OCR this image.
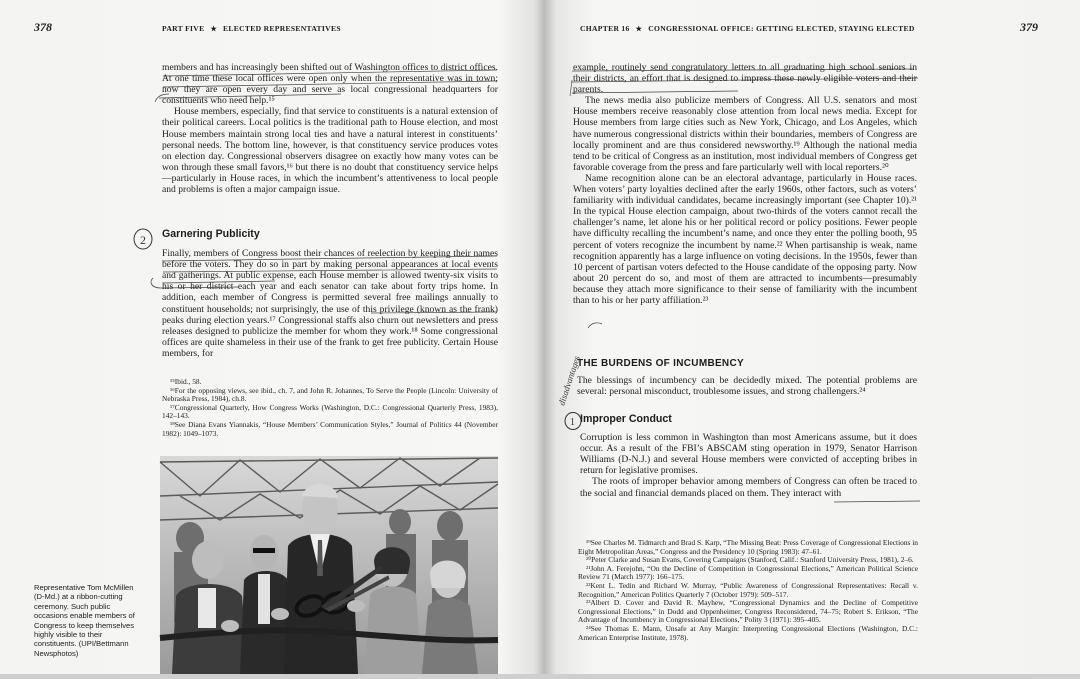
378	PART FIVE ★ ELECTED REPRESENTATIVES

members and has increasingly been shifted out of Washington offices to district offices. At one time these local offices were open only when the representative was in town; now they are open every day and serve as local congressional headquarters for constituents who need help.¹⁵

House members, especially, find that service to constituents is a natural extension of their political careers. Local politics is the traditional path to House election, and most House members maintain strong local ties and have a natural interest in constituents’ personal needs. The bottom line, however, is that constituency service produces votes on election day. Congressional observers disagree on exactly how many votes can be won through these small favors,¹⁶ but there is no doubt that constituency service helps—particularly in House races, in which the incumbent’s attentiveness to local people and problems is often a major campaign issue.

Garnering Publicity

Finally, members of Congress boost their chances of reelection by keeping their names before the voters. They do so in part by making personal appearances at local events and gatherings. At public expense, each House member is allowed twenty-six visits to his or her district each year and each senator can take about forty trips home. In addition, each member of Congress is permitted several free mailings annually to constituent households; not surprisingly, the use of this privilege (known as the frank) peaks during election years.¹⁷ Congressional staffs also churn out newsletters and press releases designed to publicize the member for whom they work.¹⁸ Some congressional offices are quite shameless in their use of the frank to get free publicity. Certain House members, for

2
¹⁵Ibid., 58.
¹⁶For the opposing views, see ibid., ch. 7, and John R. Johannes, To Serve the People (Lincoln: University of Nebraska Press, 1984), ch.8.
¹⁷Congressional Quarterly, How Congress Works (Washington, D.C.: Congressional Quarterly Press, 1983), 142–143.
¹⁸See Diana Evans Yiannakis, “House Members’ Communication Styles,” Journal of Politics 44 (November 1982): 1049–1073.
Representative Tom McMillen (D-Md.) at a ribbon-cutting ceremony. Such public occasions enable members of Congress to keep themselves highly visible to their constituents. (UPI/Bettmann Newsphotos)
CHAPTER 16 ★ CONGRESSIONAL OFFICE: GETTING ELECTED, STAYING ELECTED	379

example, routinely send congratulatory letters to all graduating high school seniors in their districts, an effort that is designed to impress these newly eligible voters and their parents.

The news media also publicize members of Congress. All U.S. senators and most House members receive reasonably close attention from local news media. Except for House members from large cities such as New York, Chicago, and Los Angeles, which have numerous congressional districts within their boundaries, members of Congress are locally prominent and are thus considered newsworthy.¹⁹ Although the national media tend to be critical of Congress as an institution, most individual members of Congress get favorable coverage from the press and fare particularly well with local reporters.²⁰

Name recognition alone can be an electoral advantage, particularly in House races. When voters’ party loyalties declined after the early 1960s, other factors, such as voters’ familiarity with individual candidates, became increasingly important (see Chapter 10).²¹ In the typical House election campaign, about two-thirds of the voters cannot recall the challenger’s name, let alone his or her political record or policy positions. Fewer people have difficulty recalling the incumbent’s name, and once they enter the polling booth, 95 percent of voters recognize the incumbent by name.²² When partisanship is weak, name recognition apparently has a large influence on voting decisions. In the 1950s, fewer than 10 percent of partisan voters defected to the House candidate of the opposing party. Now about 20 percent do so, and most of them are attracted to incumbents—presumably because they attach more significance to their sense of familiarity with the incumbent than to his or her party affiliation.²³

THE BURDENS OF INCUMBENCY

The blessings of incumbency can be decidedly mixed. The potential problems are several: personal misconduct, troublesome issues, and strong challengers.²⁴

Improper Conduct

Corruption is less common in Washington than most Americans assume, but it does occur. As a result of the FBI’s ABSCAM sting operation in 1979, Senator Harrison Williams (D-N.J.) and several House members were convicted of accepting bribes in return for legislative promises.

The roots of improper behavior among members of Congress can often be traced to the social and financial demands placed on them. They interact with

disadvantages
1
¹⁹See Charles M. Tidmarch and Brad S. Karp, “The Missing Beat: Press Coverage of Congressional Elections in Eight Metropolitan Areas,” Congress and the Presidency 10 (Spring 1983): 47–61.
²⁰Peter Clarke and Susan Evans, Covering Campaigns (Stanford, Calif.: Stanford University Press, 1981), 2–6.
²¹John A. Ferejohn, “On the Decline of Competition in Congressional Elections,” American Political Science Review 71 (March 1977): 166–175.
²²Kent L. Tedin and Richard W. Murray, “Public Awareness of Congressional Representatives: Recall v. Recognition,” American Politics Quarterly 7 (October 1979): 509–517.
²³Albert D. Cover and David R. Mayhew, “Congressional Dynamics and the Decline of Competitive Congressional Elections,” in Dodd and Oppenheimer, Congress Reconsidered, 74–75; Robert S. Erikson, “The Advantage of Incumbency in Congressional Elections,” Polity 3 (1971): 395–405.
²⁴See Thomas E. Mann, Unsafe at Any Margin: Interpreting Congressional Elections (Washington, D.C.: American Enterprise Institute, 1978).
